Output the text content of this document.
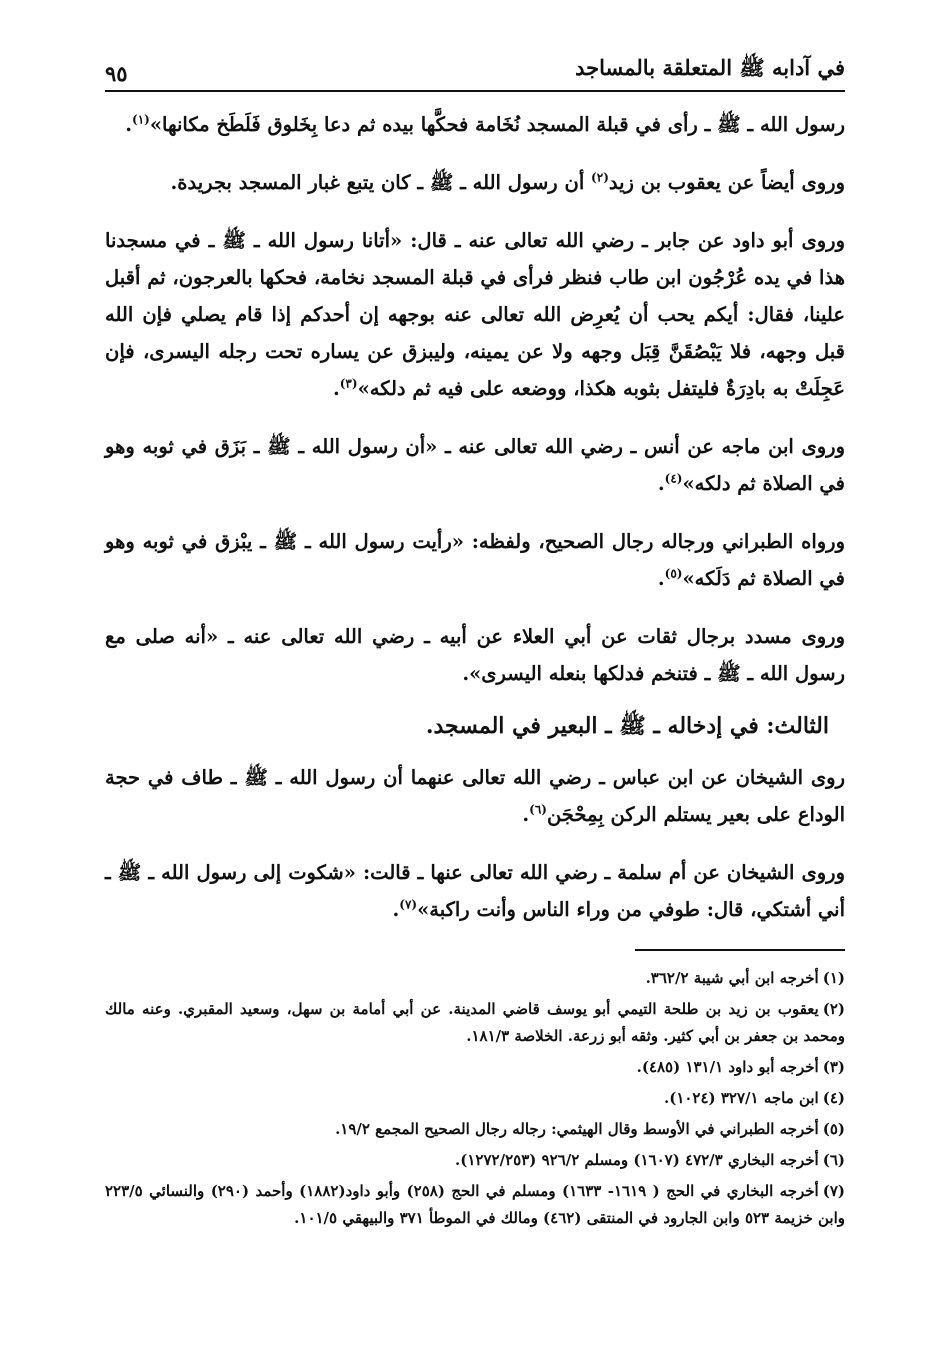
في آدابه ﷺ المتعلقة بالمساجد
٩٥

رسول الله ـ ﷺ ـ رأى في قبلة المسجد نُخَامة فحكَّها بيده ثم دعا بِخَلوق فَلَطَخ مكانها»$^{(١)}$.

وروى أيضاً عن يعقوب بن زيد$^{(٢)}$ أن رسول الله ـ ﷺ ـ كان يتبع غبار المسجد بجريدة.

وروى أبو داود عن جابر ـ رضي الله تعالى عنه ـ قال: «أتانا رسول الله ـ ﷺ ـ في مسجدنا هذا في يده عُرْجُون ابن طاب فنظر فرأى في قبلة المسجد نخامة، فحكها بالعرجون، ثم أقبل علينا، فقال: أيكم يحب أن يُعرِض الله تعالى عنه بوجهه إن أحدكم إذا قام يصلي فإن الله قبل وجهه، فلا يَبْصُقَنَّ قِبَل وجهه ولا عن يمينه، وليبزق عن يساره تحت رجله اليسرى، فإن عَجِلَتْ به بادِرَةٌ فليتفل بثوبه هكذا، ووضعه على فيه ثم دلكه»$^{(٣)}$.

وروى ابن ماجه عن أنس ـ رضي الله تعالى عنه ـ «أن رسول الله ـ ﷺ ـ بَزَق في ثوبه وهو في الصلاة ثم دلكه»$^{(٤)}$.

ورواه الطبراني ورجاله رجال الصحيح، ولفظه: «رأيت رسول الله ـ ﷺ ـ يبْزق في ثوبه وهو في الصلاة ثم دَلَكه»$^{(٥)}$.

وروى مسدد برجال ثقات عن أبي العلاء عن أبيه ـ رضي الله تعالى عنه ـ «أنه صلى مع رسول الله ـ ﷺ ـ فتنخم فدلكها بنعله اليسرى».

الثالث: في إدخاله ـ ﷺ ـ البعير في المسجد.

روى الشيخان عن ابن عباس ـ رضي الله تعالى عنهما أن رسول الله ـ ﷺ ـ طاف في حجة الوداع على بعير يستلم الركن بِمِحْجَن$^{(٦)}$.

وروى الشيخان عن أم سلمة ـ رضي الله تعالى عنها ـ قالت: «شكوت إلى رسول الله ـ ﷺ ـ أني أشتكي، قال: طوفي من وراء الناس وأنت راكبة»$^{(٧)}$.

(١)أخرجه ابن أبي شيبة ٣٦٢/٢.

(٢)يعقوب بن زيد بن طلحة التيمي أبو يوسف قاضي المدينة. عن أبي أمامة بن سهل، وسعيد المقبري. وعنه مالك ومحمد بن جعفر بن أبي كثير. وثقه أبو زرعة. الخلاصة ١٨١/٣.

(٣)أخرجه أبو داود ١٣١/١ (٤٨٥).

(٤)ابن ماجه ٣٢٧/١ (١٠٢٤).

(٥)أخرجه الطبراني في الأوسط وقال الهيثمي: رجاله رجال الصحيح المجمع ١٩/٢.

(٦)أخرجه البخاري ٤٧٢/٣ (١٦٠٧) ومسلم ٩٢٦/٢ (١٢٧٢/٢٥٣).

(٧)أخرجه البخاري في الحج ( ١٦١٩- ١٦٣٣) ومسلم في الحج (٢٥٨) وأبو داود(١٨٨٢) وأحمد (٢٩٠) والنسائي ٢٢٣/٥ وابن خزيمة ٥٢٣ وابن الجارود في المنتقى (٤٦٢) ومالك في الموطأ ٣٧١ والبيهقي ١٠١/٥.
